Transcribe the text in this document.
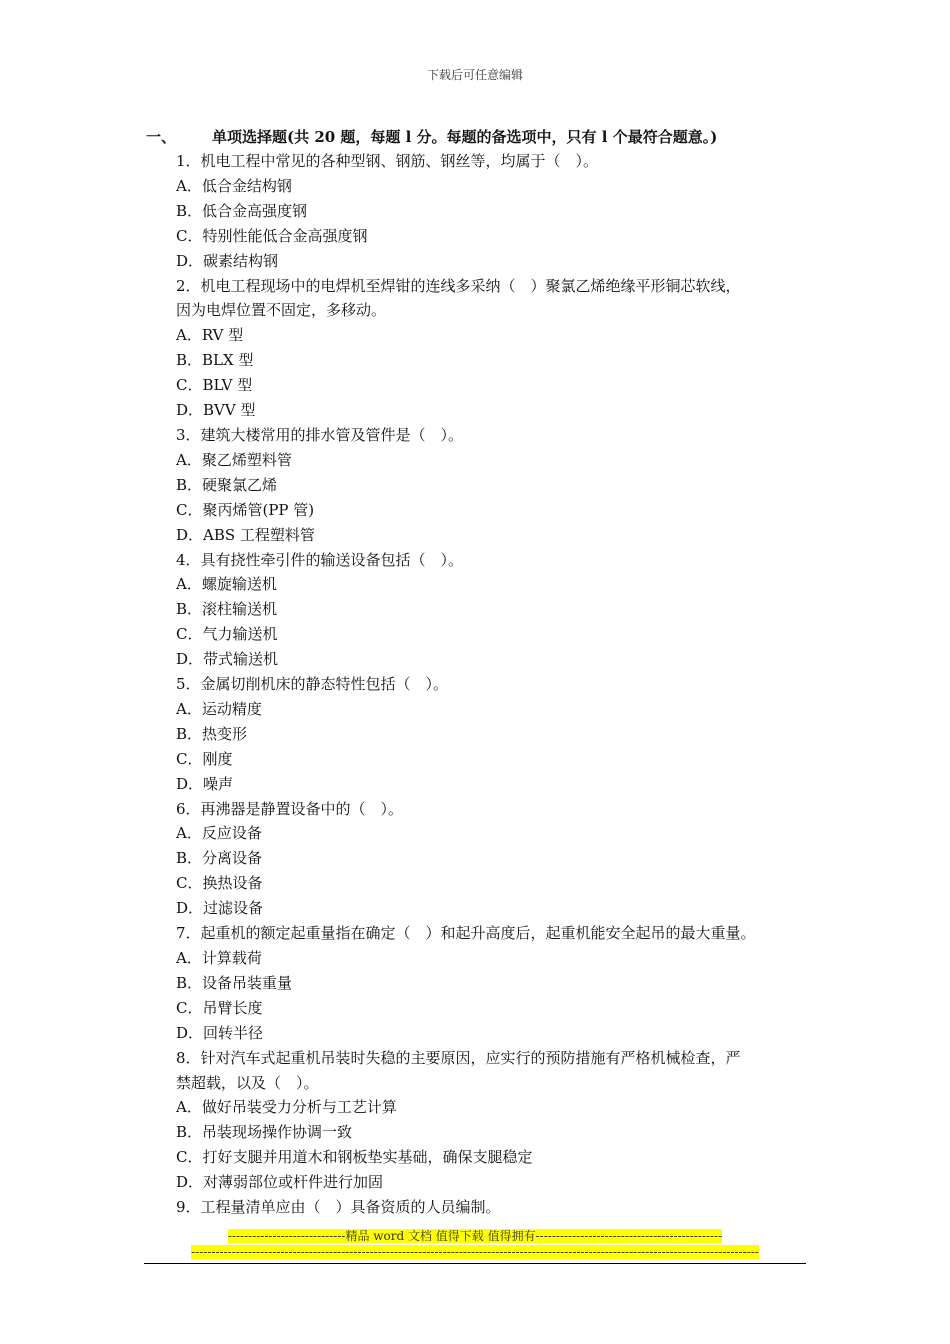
下载后可任意编辑
一、 单项选择题(共 20 题，每题 l 分。每题的备选项中，只有 l 个最符合题意。)
1．机电工程中常见的各种型钢、钢筋、钢丝等，均属于（　）。
A．低合金结构钢
B．低合金高强度钢
C．特别性能低合金高强度钢
D．碳素结构钢
2．机电工程现场中的电焊机至焊钳的连线多采纳（　）聚氯乙烯绝缘平形铜芯软线，
因为电焊位置不固定，多移动。
A．RV 型
B．BLX 型
C．BLV 型
D．BVV 型
3．建筑大楼常用的排水管及管件是（　）。
A．聚乙烯塑料管
B．硬聚氯乙烯
C．聚丙烯管(PP 管)
D．ABS 工程塑料管
4．具有挠性牵引件的输送设备包括（　）。
A．螺旋输送机
B．滚柱输送机
C．气力输送机
D．带式输送机
5．金属切削机床的静态特性包括（　）。
A．运动精度
B．热变形
C．刚度
D．噪声
6．再沸器是静置设备中的（　）。
A．反应设备
B．分离设备
C．换热设备
D．过滤设备
7．起重机的额定起重量指在确定（　）和起升高度后，起重机能安全起吊的最大重量。
A．计算载荷
B．设备吊装重量
C．吊臂长度
D．回转半径
8．针对汽车式起重机吊装时失稳的主要原因，应实行的预防措施有严格机械检查，严
禁超载，以及（　）。
A．做好吊装受力分析与工艺计算
B．吊装现场操作协调一致
C．打好支腿并用道木和钢板垫实基础，确保支腿稳定
D．对薄弱部位或杆件进行加固
9．工程量清单应由（　）具备资质的人员编制。
-----------------------------精品 word 文档 值得下载 值得拥有----------------------------------------------
--------------------------------------------------------------------------------------------------------------------------------------------
